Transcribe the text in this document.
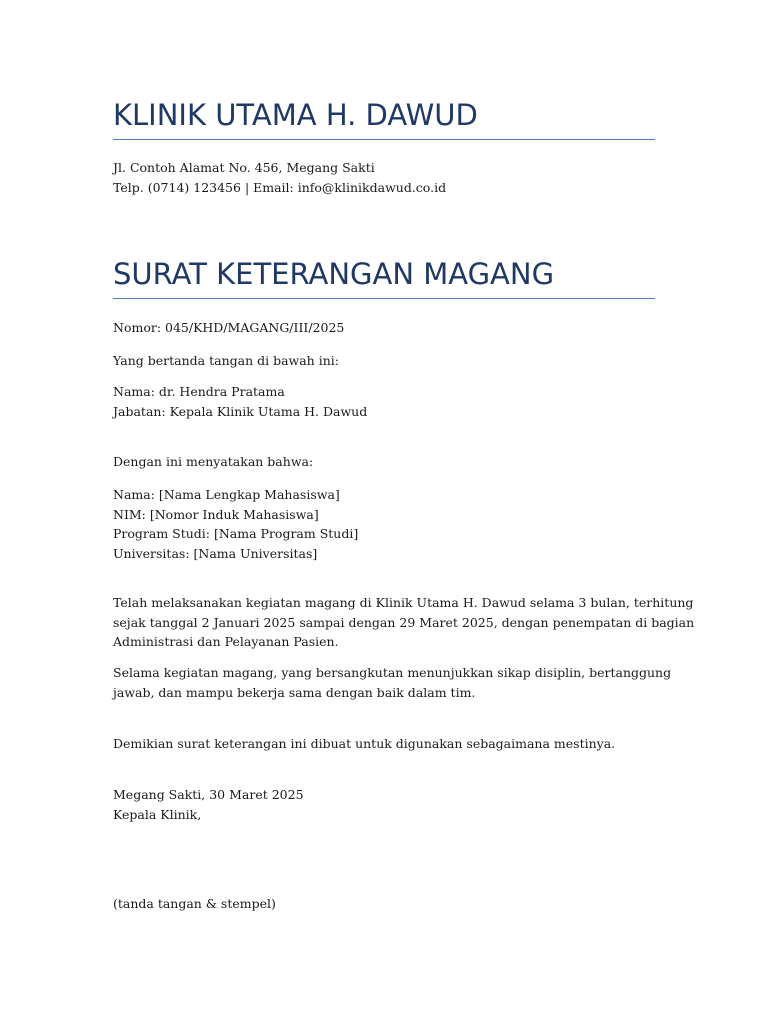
KLINIK UTAMA H. DAWUD
Jl. Contoh Alamat No. 456, Megang Sakti
Telp. (0714) 123456 | Email: info@klinikdawud.co.id
SURAT KETERANGAN MAGANG
Nomor: 045/KHD/MAGANG/III/2025
Yang bertanda tangan di bawah ini:
Nama: dr. Hendra Pratama
Jabatan: Kepala Klinik Utama H. Dawud
Dengan ini menyatakan bahwa:
Nama: [Nama Lengkap Mahasiswa]
NIM: [Nomor Induk Mahasiswa]
Program Studi: [Nama Program Studi]
Universitas: [Nama Universitas]
Telah melaksanakan kegiatan magang di Klinik Utama H. Dawud selama 3 bulan, terhitung
sejak tanggal 2 Januari 2025 sampai dengan 29 Maret 2025, dengan penempatan di bagian
Administrasi dan Pelayanan Pasien.
Selama kegiatan magang, yang bersangkutan menunjukkan sikap disiplin, bertanggung
jawab, dan mampu bekerja sama dengan baik dalam tim.
Demikian surat keterangan ini dibuat untuk digunakan sebagaimana mestinya.
Megang Sakti, 30 Maret 2025
Kepala Klinik,
(tanda tangan & stempel)
